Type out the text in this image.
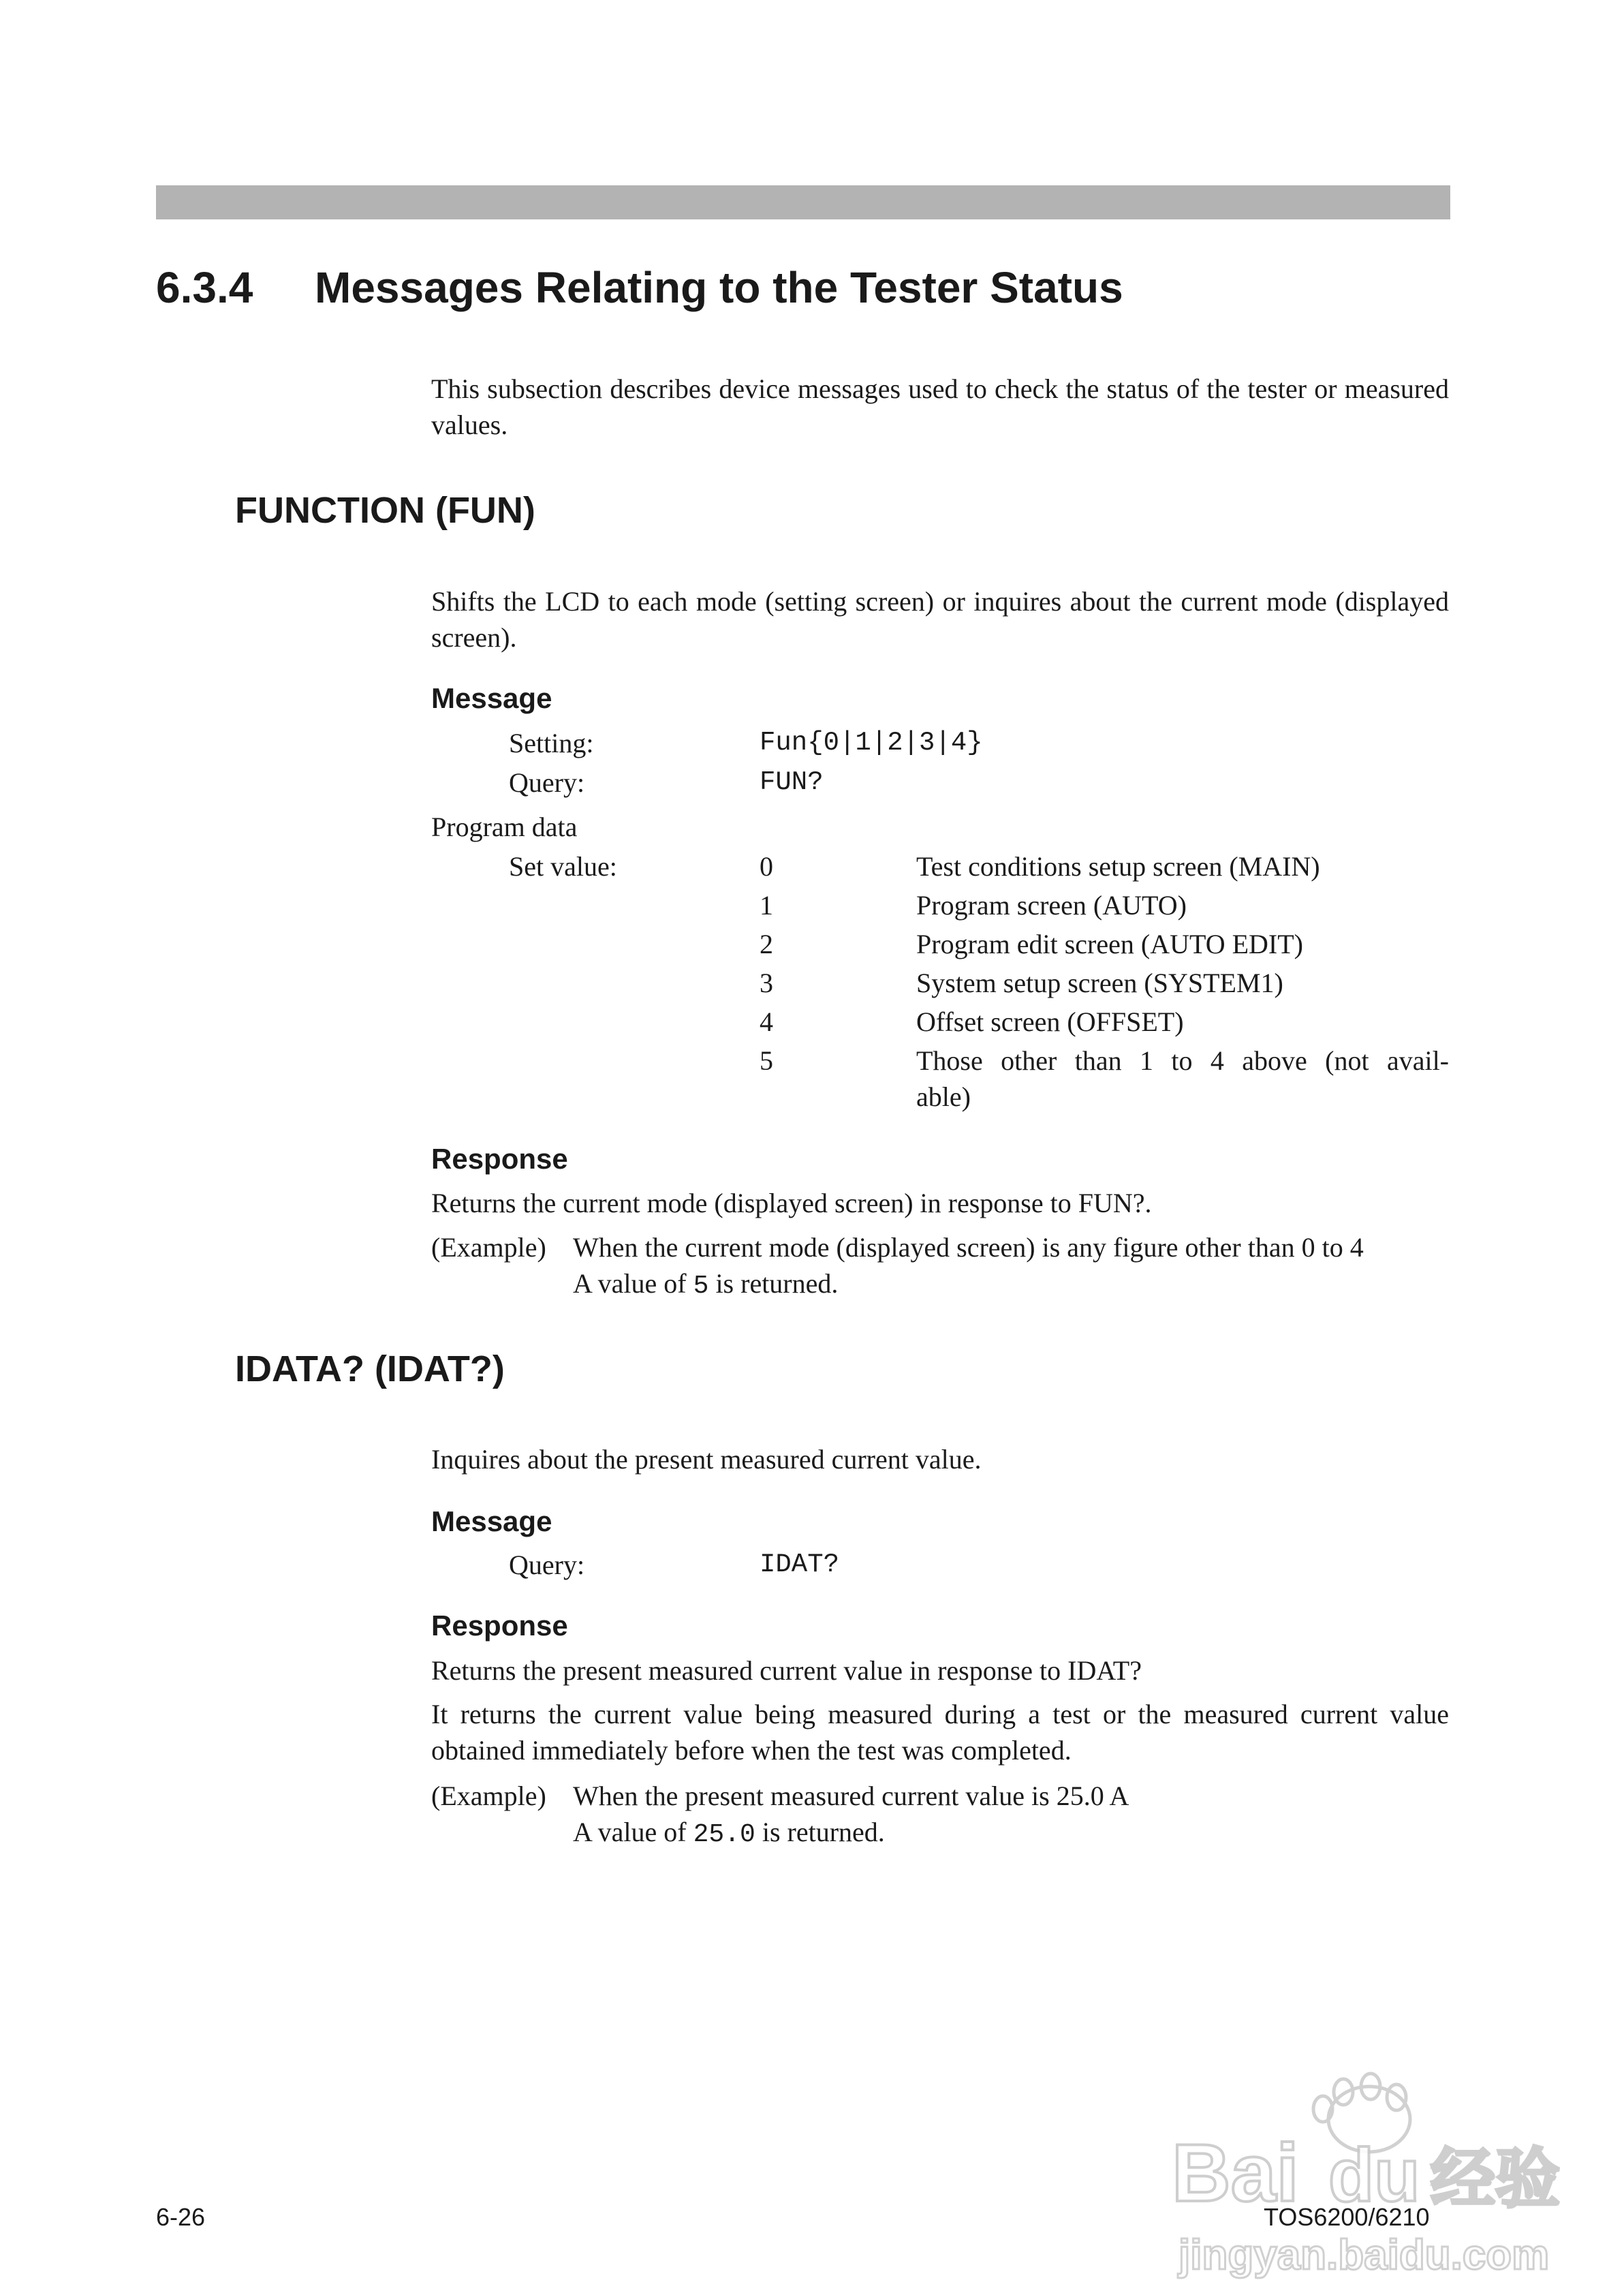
6.3.4 Messages Relating to the Tester Status
This subsection describes device messages used to check the status of the tester or measured values.
FUNCTION (FUN)
Shifts the LCD to each mode (setting screen) or inquires about the current mode (displayed screen).
Message
Setting:	Fun{0|1|2|3|4}
Query:	FUN?
Program data
Set value:	0	Test conditions setup screen (MAIN)
1	Program screen (AUTO)
2	Program edit screen (AUTO EDIT)
3	System setup screen (SYSTEM1)
4	Offset screen (OFFSET)
5	Those other than 1 to 4 above (not avail-able)
Response
Returns the current mode (displayed screen) in response to FUN?.
(Example) When the current mode (displayed screen) is any figure other than 0 to 4
A value of 5 is returned.
IDATA? (IDAT?)
Inquires about the present measured current value.
Message
Query:	IDAT?
Response
Returns the present measured current value in response to IDAT?
It returns the current value being measured during a test or the measured current value obtained immediately before when the test was completed.
(Example) When the present measured current value is 25.0 A
A value of 25.0 is returned.
6-26	TOS6200/6210
Bai du 经验
jingyan.baidu.com
